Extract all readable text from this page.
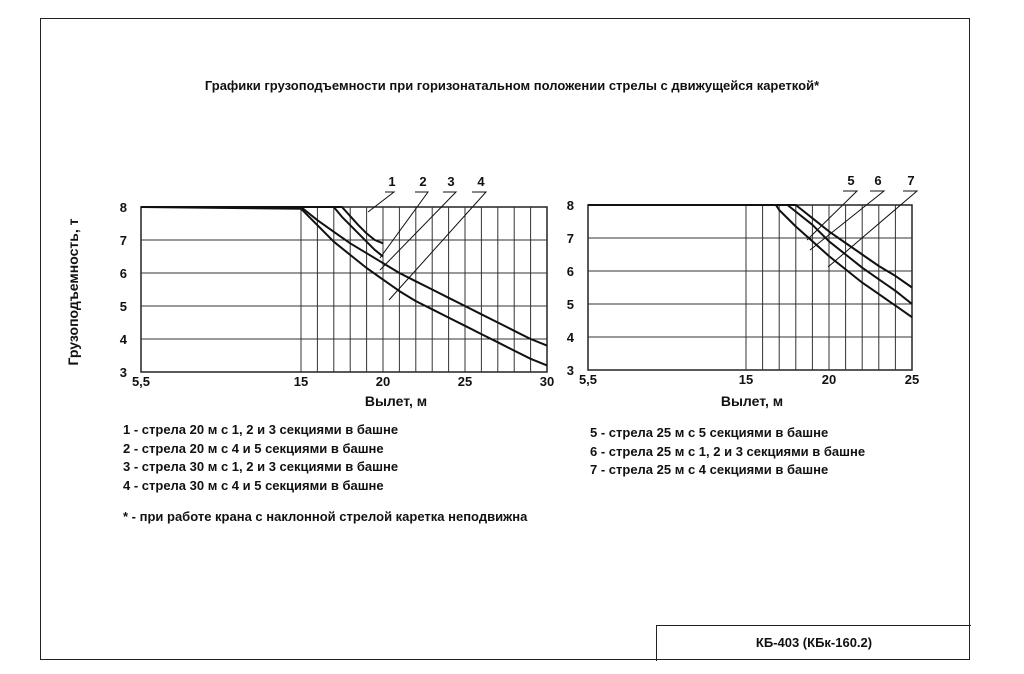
Графики грузоподъемности при горизонатальном положении стрелы с движущейся кареткой*
Грузоподъемность, т
3
4
5
6
7
8
5,5	15	20	25	30
Вылет, м
1 2 3 4
3
4
5
6
7
8
5,5	15	20	25
Вылет, м
5 6 7
1 - стрела 20 м с 1, 2 и 3 секциями в башне
2 - стрела 20 м с 4 и 5 секциями в башне
3 - стрела 30 м с 1, 2 и 3 секциями в башне
4 - стрела 30 м с 4 и 5 секциями в башне
5 - стрела 25 м с 5 секциями в башне
6 - стрела 25 м с 1, 2 и 3 секциями в башне
7 - стрела 25 м с 4 секциями в башне
* - при работе крана с наклонной стрелой каретка неподвижна
КБ-403 (КБк-160.2)
